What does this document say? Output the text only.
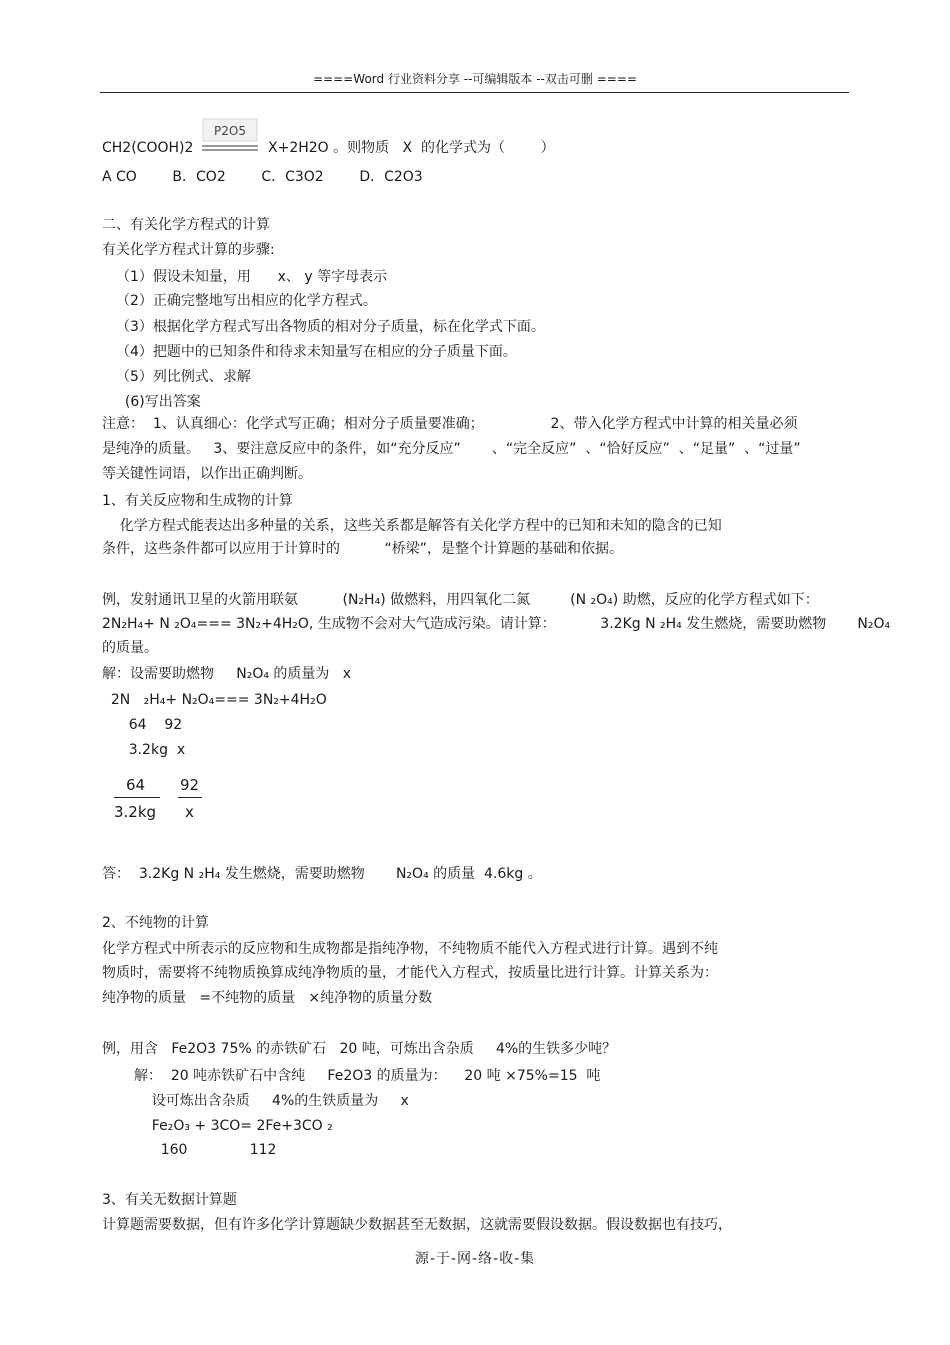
====Word 行业资料分享 --可编辑版本 --双击可删 ====
CH2(COOH)2
P2O5
X+2H2O 。则物质   X  的化学式为（        ）
A CO        B．CO2        C．C3O2        D．C2O3
二、有关化学方程式的计算
有关化学方程式计算的步骤:
（1）假设未知量，用      x、 y 等字母表示
（2）正确完整地写出相应的化学方程式。
（3）根据化学方程式写出各物质的相对分子质量，标在化学式下面。
（4）把题中的已知条件和待求未知量写在相应的分子质量下面。
（5）列比例式、求解
(6)写出答案
注意：  1、认真细心：化学式写正确；相对分子质量要准确；               2、带入化学方程式中计算的相关量必须
是纯净的质量。   3、要注意反应中的条件，如“充分反应”       、“完全反应”  、“恰好反应”  、“足量”  、“过量”
等关键性词语，以作出正确判断。
1、有关反应物和生成物的计算
化学方程式能表达出多种量的关系，这些关系都是解答有关化学方程中的已知和未知的隐含的已知
条件，这些条件都可以应用于计算时的          “桥梁”，是整个计算题的基础和依据。
例，发射通讯卫星的火箭用联氨          (N₂H₄) 做燃料，用四氧化二氮         (N ₂O₄) 助燃，反应的化学方程式如下：
2N₂H₄+ N ₂O₄=== 3N₂+4H₂O, 生成物不会对大气造成污染。请计算：          3.2Kg N ₂H₄ 发生燃烧，需要助燃物       N₂O₄
的质量。
解：设需要助燃物     N₂O₄ 的质量为   x
2N   ₂H₄+ N₂O₄=== 3N₂+4H₂O
64    92
3.2kg  x
64
3.2kg
92
x
答：  3.2Kg N ₂H₄ 发生燃烧，需要助燃物       N₂O₄ 的质量  4.6kg 。
2、不纯物的计算
化学方程式中所表示的反应物和生成物都是指纯净物，不纯物质不能代入方程式进行计算。遇到不纯
物质时，需要将不纯物质换算成纯净物质的量，才能代入方程式，按质量比进行计算。计算关系为：
纯净物的质量   =不纯物的质量   ×纯净物的质量分数
例，用含   Fe2O3 75% 的赤铁矿石   20 吨，可炼出含杂质     4%的生铁多少吨？
解：  20 吨赤铁矿石中含纯     Fe2O3 的质量为：    20 吨 ×75%=15  吨
设可炼出含杂质     4%的生铁质量为     x
Fe₂O₃ + 3CO= 2Fe+3CO ₂
160              112
3、有关无数据计算题
计算题需要数据，但有许多化学计算题缺少数据甚至无数据，这就需要假设数据。假设数据也有技巧，
源-于-网-络-收-集
